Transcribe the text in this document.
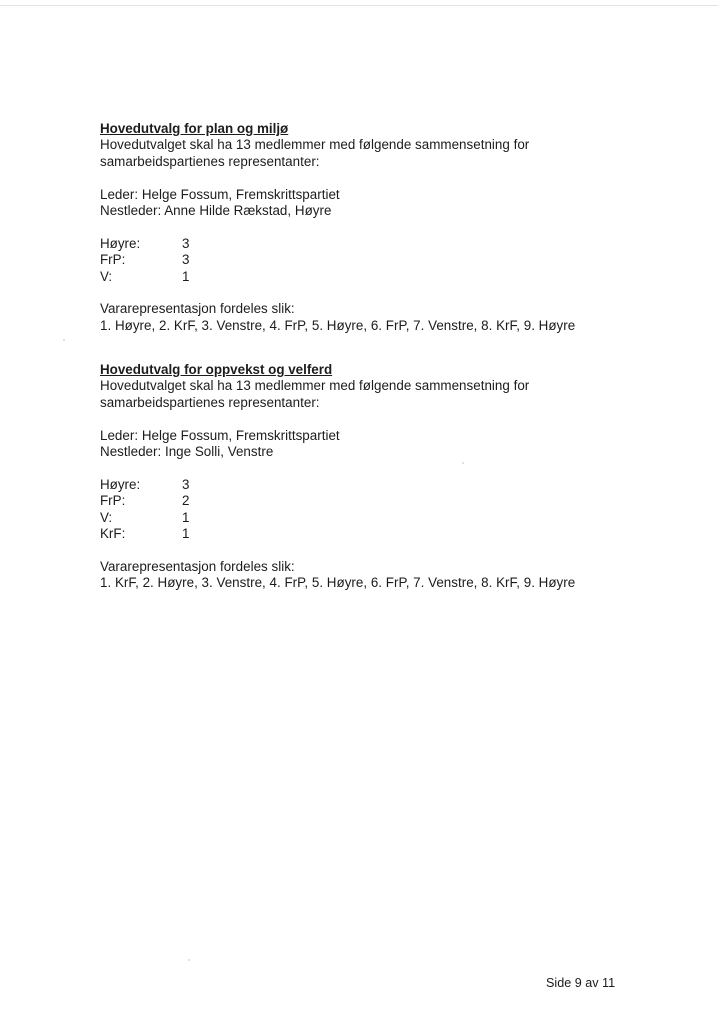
Hovedutvalg for plan og miljø
Hovedutvalget skal ha 13 medlemmer med følgende sammensetning for
samarbeidspartienes representanter:
Leder: Helge Fossum, Fremskrittspartiet
Nestleder: Anne Hilde Rækstad, Høyre
Høyre:	3
FrP:	3
V:	1
Vararepresentasjon fordeles slik:
1. Høyre, 2. KrF, 3. Venstre, 4. FrP, 5. Høyre, 6. FrP, 7. Venstre, 8. KrF, 9. Høyre
Hovedutvalg for oppvekst og velferd
Hovedutvalget skal ha 13 medlemmer med følgende sammensetning for
samarbeidspartienes representanter:
Leder: Helge Fossum, Fremskrittspartiet
Nestleder: Inge Solli, Venstre
Høyre:	3
FrP:	2
V:	1
KrF:	1
Vararepresentasjon fordeles slik:
1. KrF, 2. Høyre, 3. Venstre, 4. FrP, 5. Høyre, 6. FrP, 7. Venstre, 8. KrF, 9. Høyre
Side 9 av 11
